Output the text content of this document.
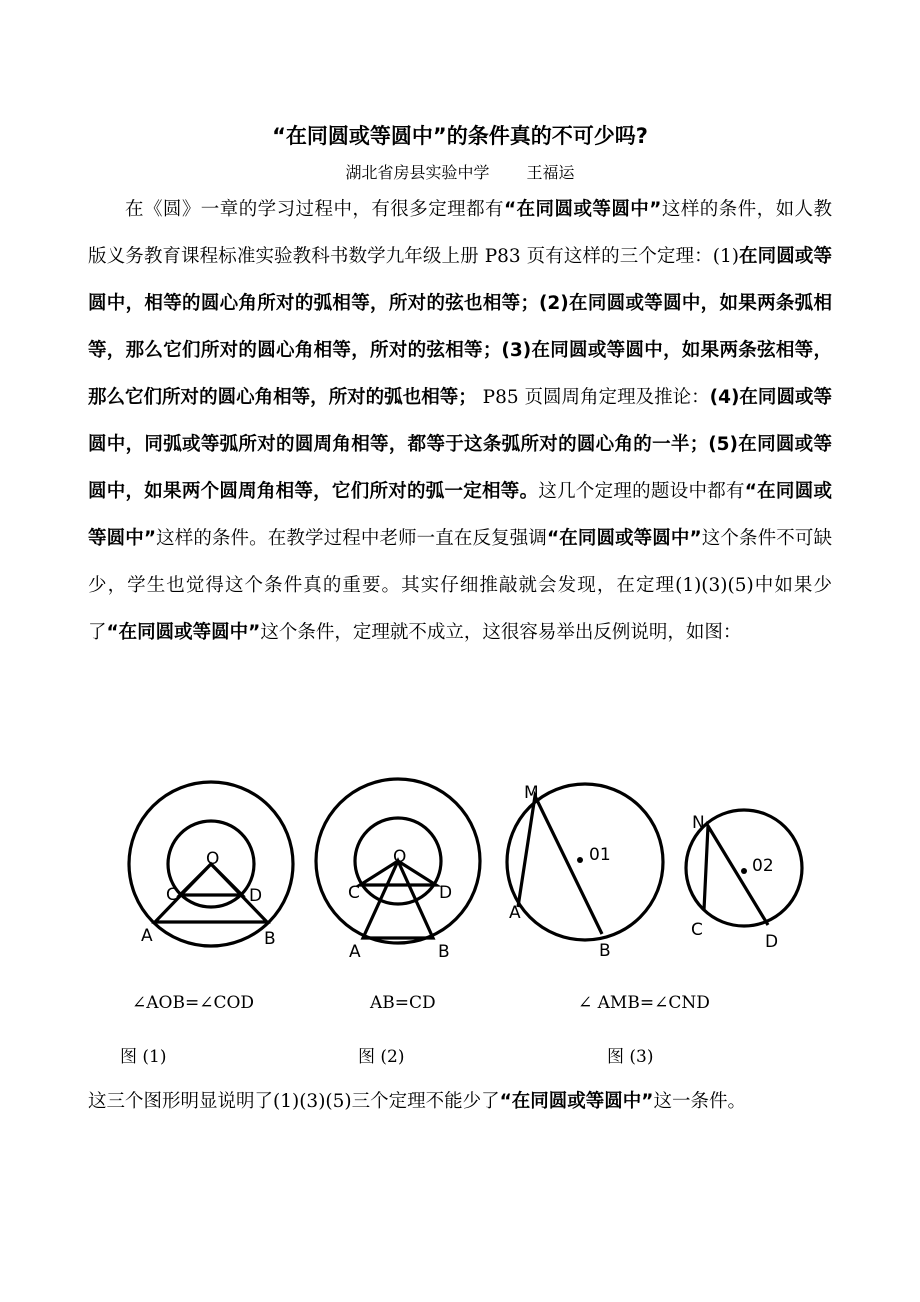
“在同圆或等圆中”的条件真的不可少吗?
湖北省房县实验中学 王福运

在《圆》一章的学习过程中，有很多定理都有“在同圆或等圆中”这样的条件，如人教版义务教育课程标准实验教科书数学九年级上册 P83 页有这样的三个定理：(1)在同圆或等圆中，相等的圆心角所对的弧相等，所对的弦也相等；(2)在同圆或等圆中，如果两条弧相等，那么它们所对的圆心角相等，所对的弦相等；(3)在同圆或等圆中，如果两条弦相等，那么它们所对的圆心角相等，所对的弧也相等； P85 页圆周角定理及推论：(4)在同圆或等圆中，同弧或等弧所对的圆周角相等，都等于这条弧所对的圆心角的一半；(5)在同圆或等圆中，如果两个圆周角相等，它们所对的弧一定相等。这几个定理的题设中都有“在同圆或等圆中”这样的条件。在教学过程中老师一直在反复强调“在同圆或等圆中”这个条件不可缺少，学生也觉得这个条件真的重要。其实仔细推敲就会发现，在定理(1)(3)(5)中如果少了“在同圆或等圆中”这个条件，定理就不成立，这很容易举出反例说明，如图：

O
C	D
A	B
O
C	D
A	B
M
01
A
B
N
02
C
D
∠AOB=∠COD	AB=CD	∠ AMB=∠CND
图 (1)	图 (2)	图 (3)

这三个图形明显说明了(1)(3)(5)三个定理不能少了“在同圆或等圆中”这一条件。
